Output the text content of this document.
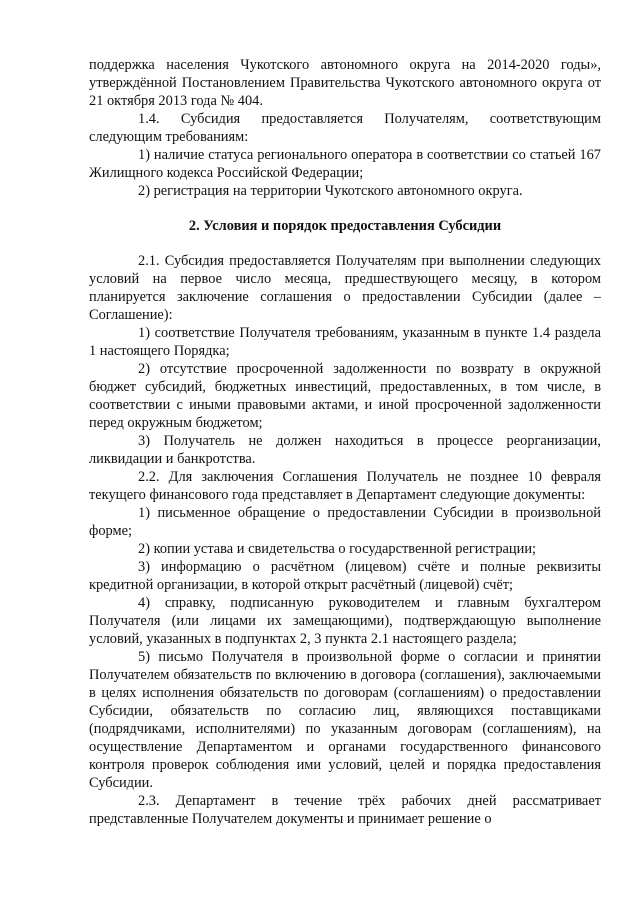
поддержка населения Чукотского автономного округа на 2014-2020 годы», утверждённой Постановлением Правительства Чукотского автономного округа от 21 октября 2013 года № 404.

1.4. Субсидия предоставляется Получателям, соответствующим следующим требованиям:

1) наличие статуса регионального оператора в соответствии со статьей 167 Жилищного кодекса Российской Федерации;

2) регистрация на территории Чукотского автономного округа.

2. Условия и порядок предоставления Субсидии

2.1. Субсидия предоставляется Получателям при выполнении следующих условий на первое число месяца, предшествующего месяцу, в котором планируется заключение соглашения о предоставлении Субсидии (далее – Соглашение):

1) соответствие Получателя требованиям, указанным в пункте 1.4 раздела 1 настоящего Порядка;

2) отсутствие просроченной задолженности по возврату в окружной бюджет субсидий, бюджетных инвестиций, предоставленных, в том числе, в соответствии с иными правовыми актами, и иной просроченной задолженности перед окружным бюджетом;

3) Получатель не должен находиться в процессе реорганизации, ликвидации и банкротства.

2.2. Для заключения Соглашения Получатель не позднее 10 февраля текущего финансового года представляет в Департамент следующие документы:

1) письменное обращение о предоставлении Субсидии в произвольной форме;

2) копии устава и свидетельства о государственной регистрации;

3) информацию о расчётном (лицевом) счёте и полные реквизиты кредитной организации, в которой открыт расчётный (лицевой) счёт;

4) справку, подписанную руководителем и главным бухгалтером Получателя (или лицами их замещающими), подтверждающую выполнение условий, указанных в подпунктах 2, 3 пункта 2.1 настоящего раздела;

5) письмо Получателя в произвольной форме о согласии и принятии Получателем обязательств по включению в договора (соглашения), заключаемыми в целях исполнения обязательств по договорам (соглашениям) о предоставлении Субсидии, обязательств по согласию лиц, являющихся поставщиками (подрядчиками, исполнителями) по указанным договорам (соглашениям), на осуществление Департаментом и органами государственного финансового контроля проверок соблюдения ими условий, целей и порядка предоставления Субсидии.

2.3. Департамент в течение трёх рабочих дней рассматривает представленные Получателем документы и принимает решение о
